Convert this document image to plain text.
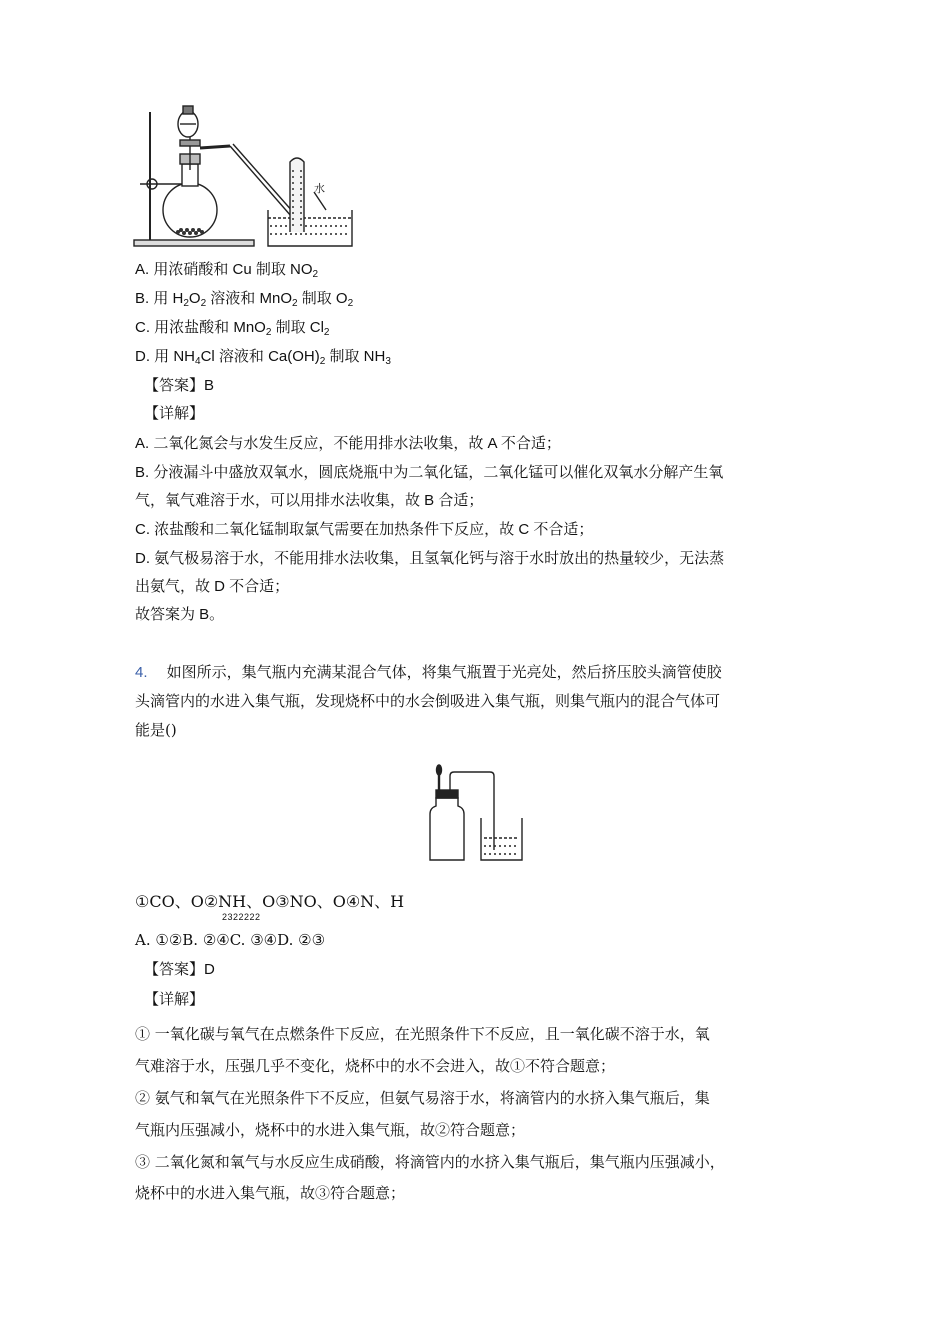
水
A. 用浓硝酸和 Cu 制取 $NO_2$
B. 用 $H_2O_2$ 溶液和 MnO$_2$ 制取 $O_2$
C. 用浓盐酸和 MnO$_2$ 制取 $Cl_2$
D. 用 $NH_4Cl$ 溶液和 $Ca(OH)_2$ 制取 $NH_3$
【答案】B
【详解】
A. 二氧化氮会与水发生反应，不能用排水法收集，故 A 不合适；
B. 分液漏斗中盛放双氧水，圆底烧瓶中为二氧化锰，二氧化锰可以催化双氧水分解产生氧
气，氧气难溶于水，可以用排水法收集，故 B 合适；
C. 浓盐酸和二氧化锰制取氯气需要在加热条件下反应，故 C 不合适；
D. 氨气极易溶于水，不能用排水法收集，且氢氧化钙与溶于水时放出的热量较少，无法蒸
出氨气，故 D 不合适；
故答案为 B。
4. 如图所示，集气瓶内充满某混合气体，将集气瓶置于光亮处，然后挤压胶头滴管使胶
头滴管内的水进入集气瓶，发现烧杯中的水会倒吸进入集气瓶，则集气瓶内的混合气体可
能是()
①CO、O②NH、O③NO、O④N、H
2322222
A. ①②B. ②④C. ③④D. ②③
【答案】D
【详解】
① 一氧化碳与氧气在点燃条件下反应，在光照条件下不反应，且一氧化碳不溶于水，氧
气难溶于水，压强几乎不变化，烧杯中的水不会进入，故①不符合题意；
② 氨气和氧气在光照条件下不反应，但氨气易溶于水，将滴管内的水挤入集气瓶后，集
气瓶内压强减小，烧杯中的水进入集气瓶，故②符合题意；
③ 二氧化氮和氧气与水反应生成硝酸，将滴管内的水挤入集气瓶后，集气瓶内压强减小，
烧杯中的水进入集气瓶，故③符合题意；
